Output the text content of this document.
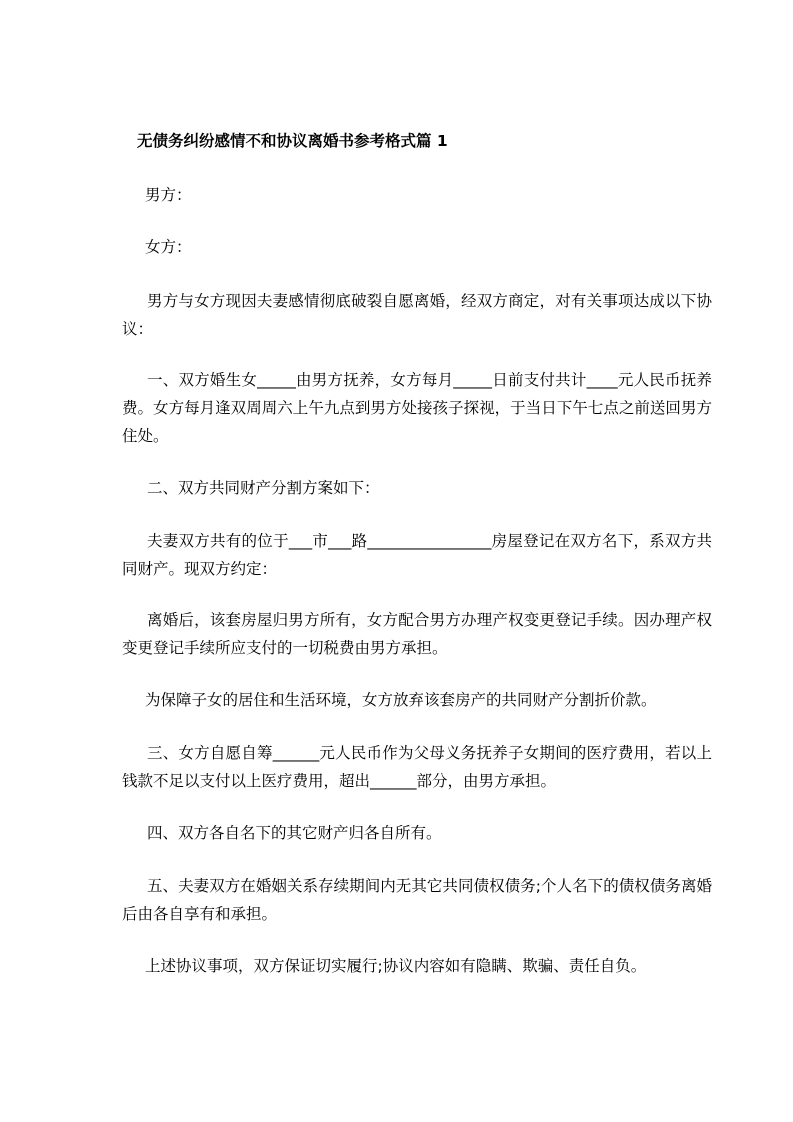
无债务纠纷感情不和协议离婚书参考格式篇 1

男方：

女方：

男方与女方现因夫妻感情彻底破裂自愿离婚，经双方商定，对有关事项达成以下协议：

一、双方婚生女_____由男方抚养，女方每月_____日前支付共计____元人民币抚养费。女方每月逢双周周六上午九点到男方处接孩子探视，于当日下午七点之前送回男方住处。

二、双方共同财产分割方案如下：

夫妻双方共有的位于___市___路________________房屋登记在双方名下，系双方共同财产。现双方约定：

离婚后，该套房屋归男方所有，女方配合男方办理产权变更登记手续。因办理产权变更登记手续所应支付的一切税费由男方承担。

为保障子女的居住和生活环境，女方放弃该套房产的共同财产分割折价款。

三、女方自愿自筹______元人民币作为父母义务抚养子女期间的医疗费用，若以上钱款不足以支付以上医疗费用，超出______部分，由男方承担。

四、双方各自名下的其它财产归各自所有。

五、夫妻双方在婚姻关系存续期间内无其它共同债权债务;个人名下的债权债务离婚后由各自享有和承担。

上述协议事项，双方保证切实履行;协议内容如有隐瞒、欺骗、责任自负。
